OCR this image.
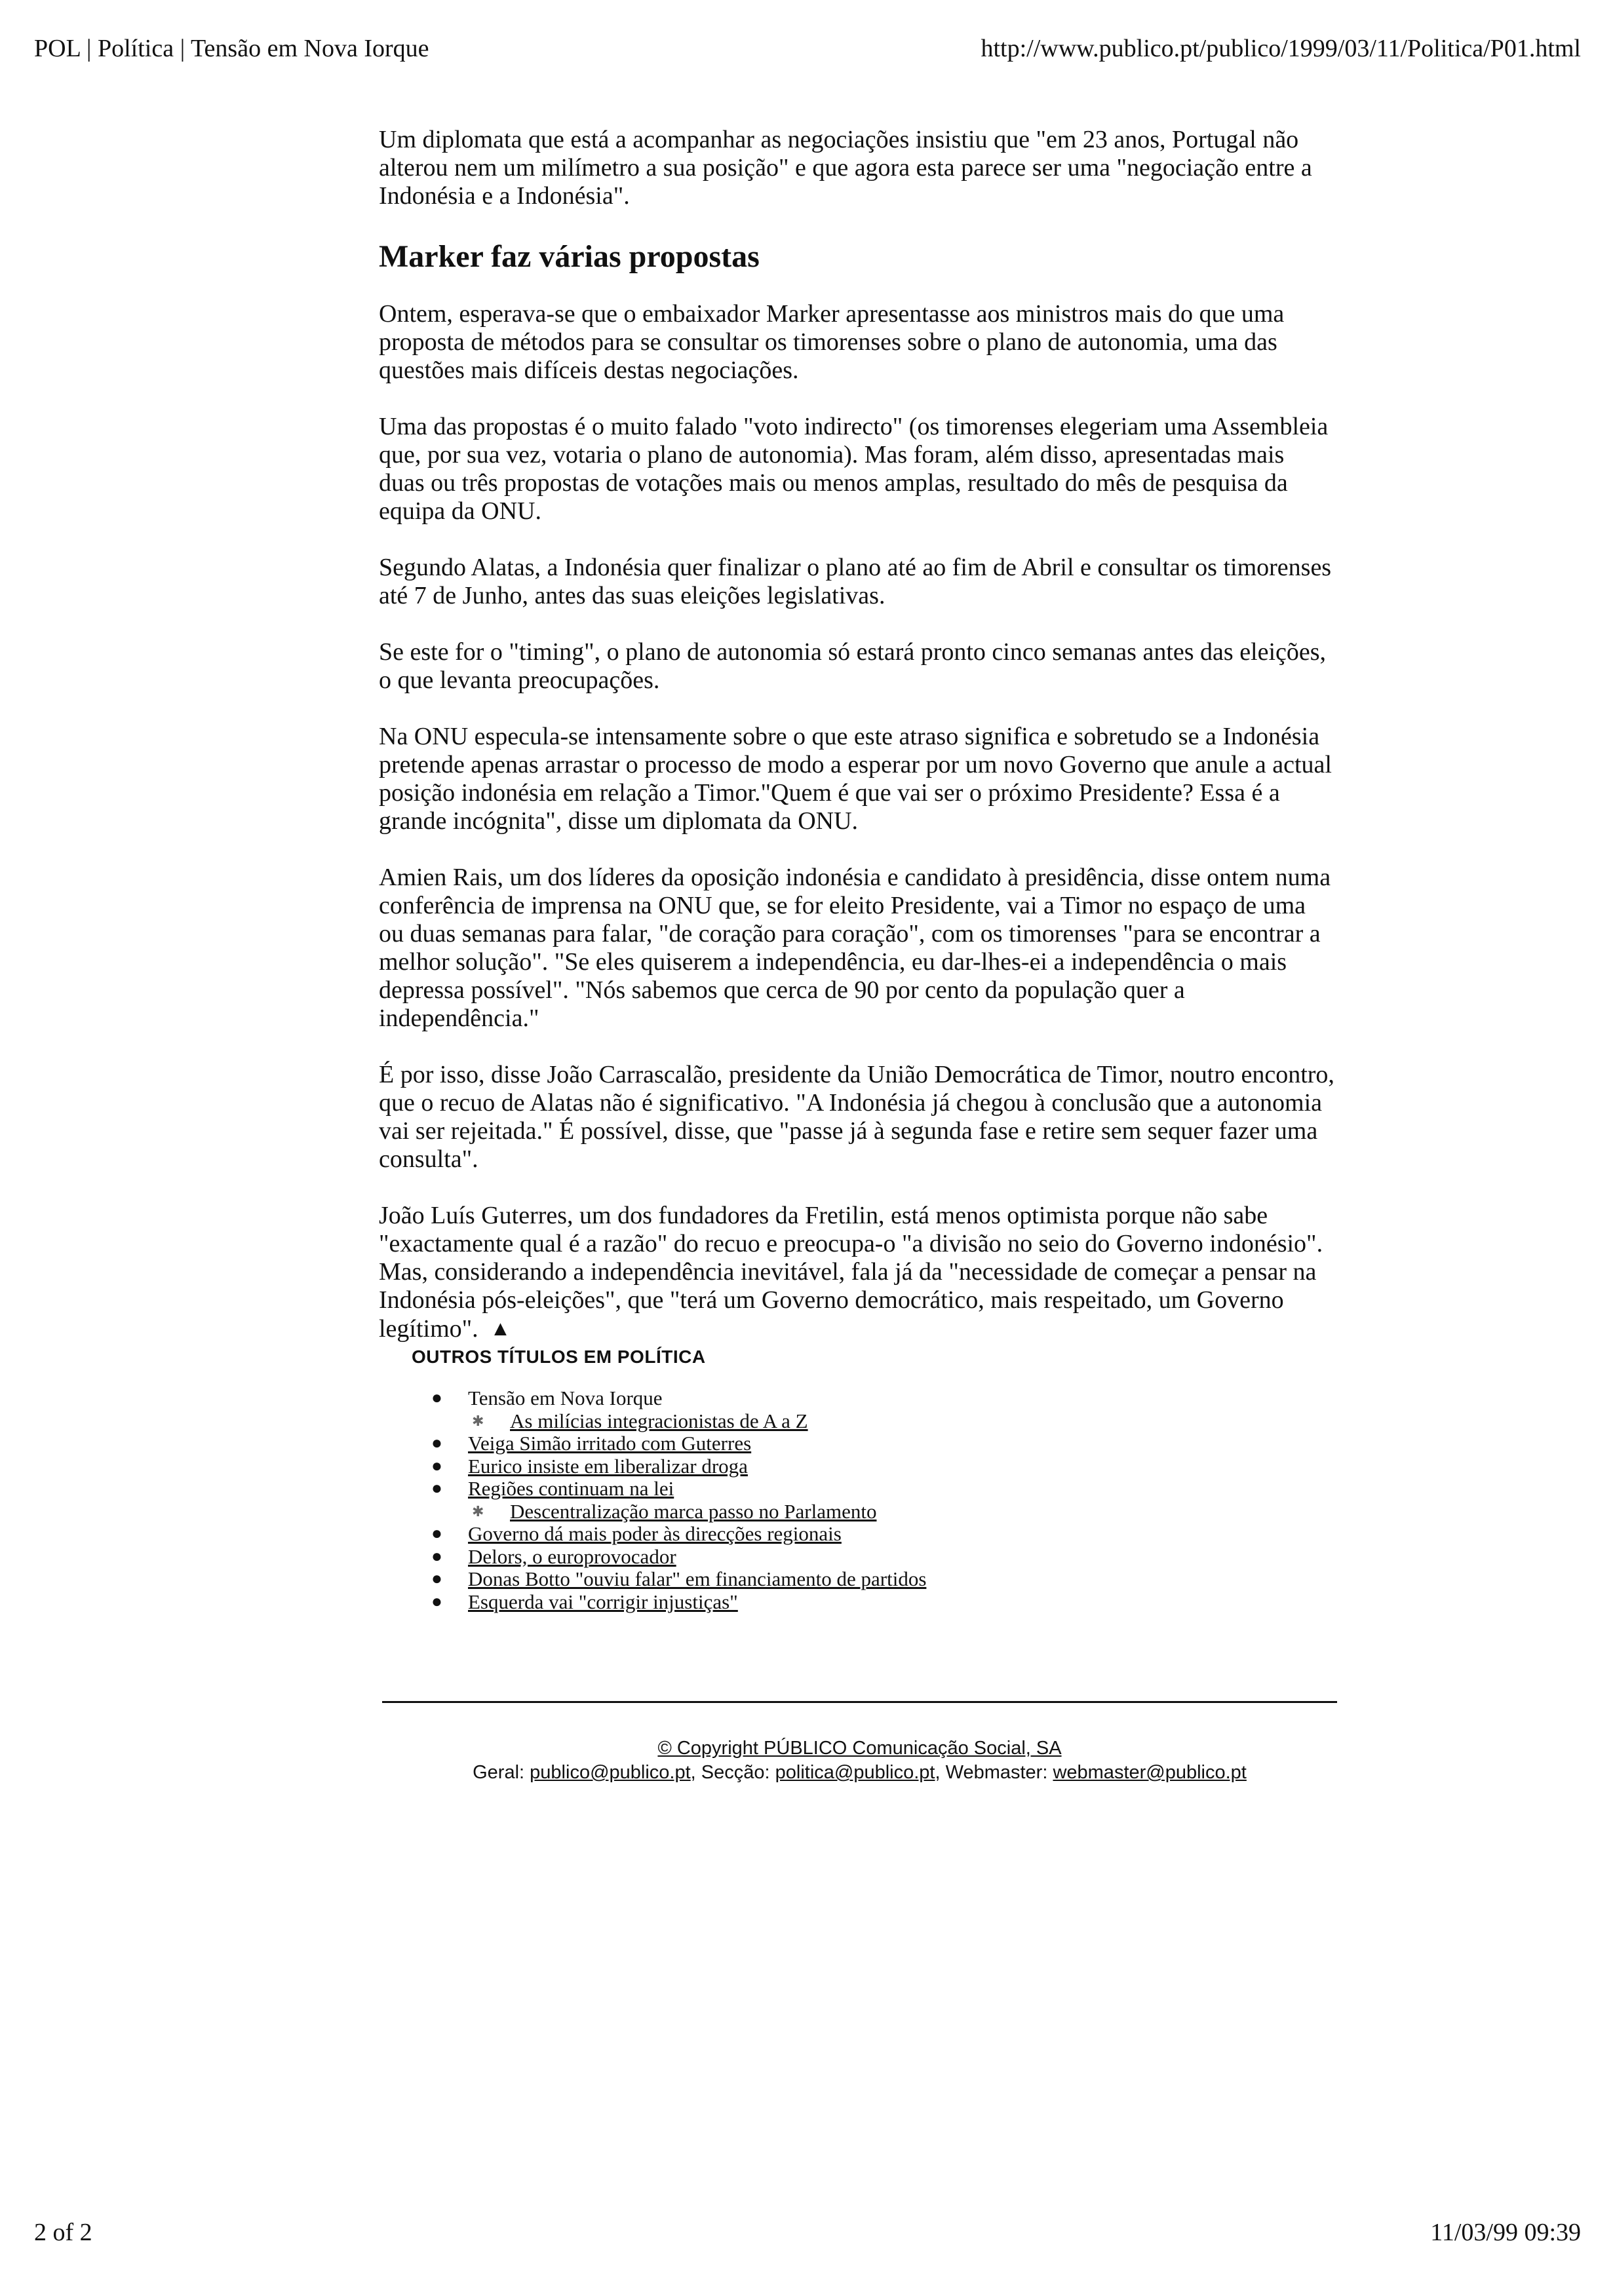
POL | Política | Tensão em Nova Iorque	http://www.publico.pt/publico/1999/03/11/Politica/P01.html

Um diplomata que está a acompanhar as negociações insistiu que "em 23 anos, Portugal não alterou nem um milímetro a sua posição" e que agora esta parece ser uma "negociação entre a Indonésia e a Indonésia".

Marker faz várias propostas

Ontem, esperava-se que o embaixador Marker apresentasse aos ministros mais do que uma proposta de métodos para se consultar os timorenses sobre o plano de autonomia, uma das questões mais difíceis destas negociações.

Uma das propostas é o muito falado "voto indirecto" (os timorenses elegeriam uma Assembleia que, por sua vez, votaria o plano de autonomia). Mas foram, além disso, apresentadas mais duas ou três propostas de votações mais ou menos amplas, resultado do mês de pesquisa da equipa da ONU.

Segundo Alatas, a Indonésia quer finalizar o plano até ao fim de Abril e consultar os timorenses até 7 de Junho, antes das suas eleições legislativas.

Se este for o "timing", o plano de autonomia só estará pronto cinco semanas antes das eleições, o que levanta preocupações.

Na ONU especula-se intensamente sobre o que este atraso significa e sobretudo se a Indonésia pretende apenas arrastar o processo de modo a esperar por um novo Governo que anule a actual posição indonésia em relação a Timor."Quem é que vai ser o próximo Presidente? Essa é a grande incógnita", disse um diplomata da ONU.

Amien Rais, um dos líderes da oposição indonésia e candidato à presidência, disse ontem numa conferência de imprensa na ONU que, se for eleito Presidente, vai a Timor no espaço de uma ou duas semanas para falar, "de coração para coração", com os timorenses "para se encontrar a melhor solução". "Se eles quiserem a independência, eu dar-lhes-ei a independência o mais depressa possível". "Nós sabemos que cerca de 90 por cento da população quer a independência."

É por isso, disse João Carrascalão, presidente da União Democrática de Timor, noutro encontro, que o recuo de Alatas não é significativo. "A Indonésia já chegou à conclusão que a autonomia vai ser rejeitada." É possível, disse, que "passe já à segunda fase e retire sem sequer fazer uma consulta".

João Luís Guterres, um dos fundadores da Fretilin, está menos optimista porque não sabe "exactamente qual é a razão" do recuo e preocupa-o "a divisão no seio do Governo indonésio". Mas, considerando a independência inevitável, fala já da "necessidade de começar a pensar na Indonésia pós-eleições", que "terá um Governo democrático, mais respeitado, um Governo legítimo". ▲

OUTROS TÍTULOS EM POLÍTICA
● Tensão em Nova Iorque
✱ As milícias integracionistas de A a Z
● Veiga Simão irritado com Guterres
● Eurico insiste em liberalizar droga
● Regiões continuam na lei
✱ Descentralização marca passo no Parlamento
● Governo dá mais poder às direcções regionais
● Delors, o europrovocador
● Donas Botto "ouviu falar" em financiamento de partidos
● Esquerda vai "corrigir injustiças"
© Copyright PÚBLICO Comunicação Social, SA
Geral: publico@publico.pt, Secção: politica@publico.pt, Webmaster: webmaster@publico.pt
2 of 2	11/03/99 09:39
